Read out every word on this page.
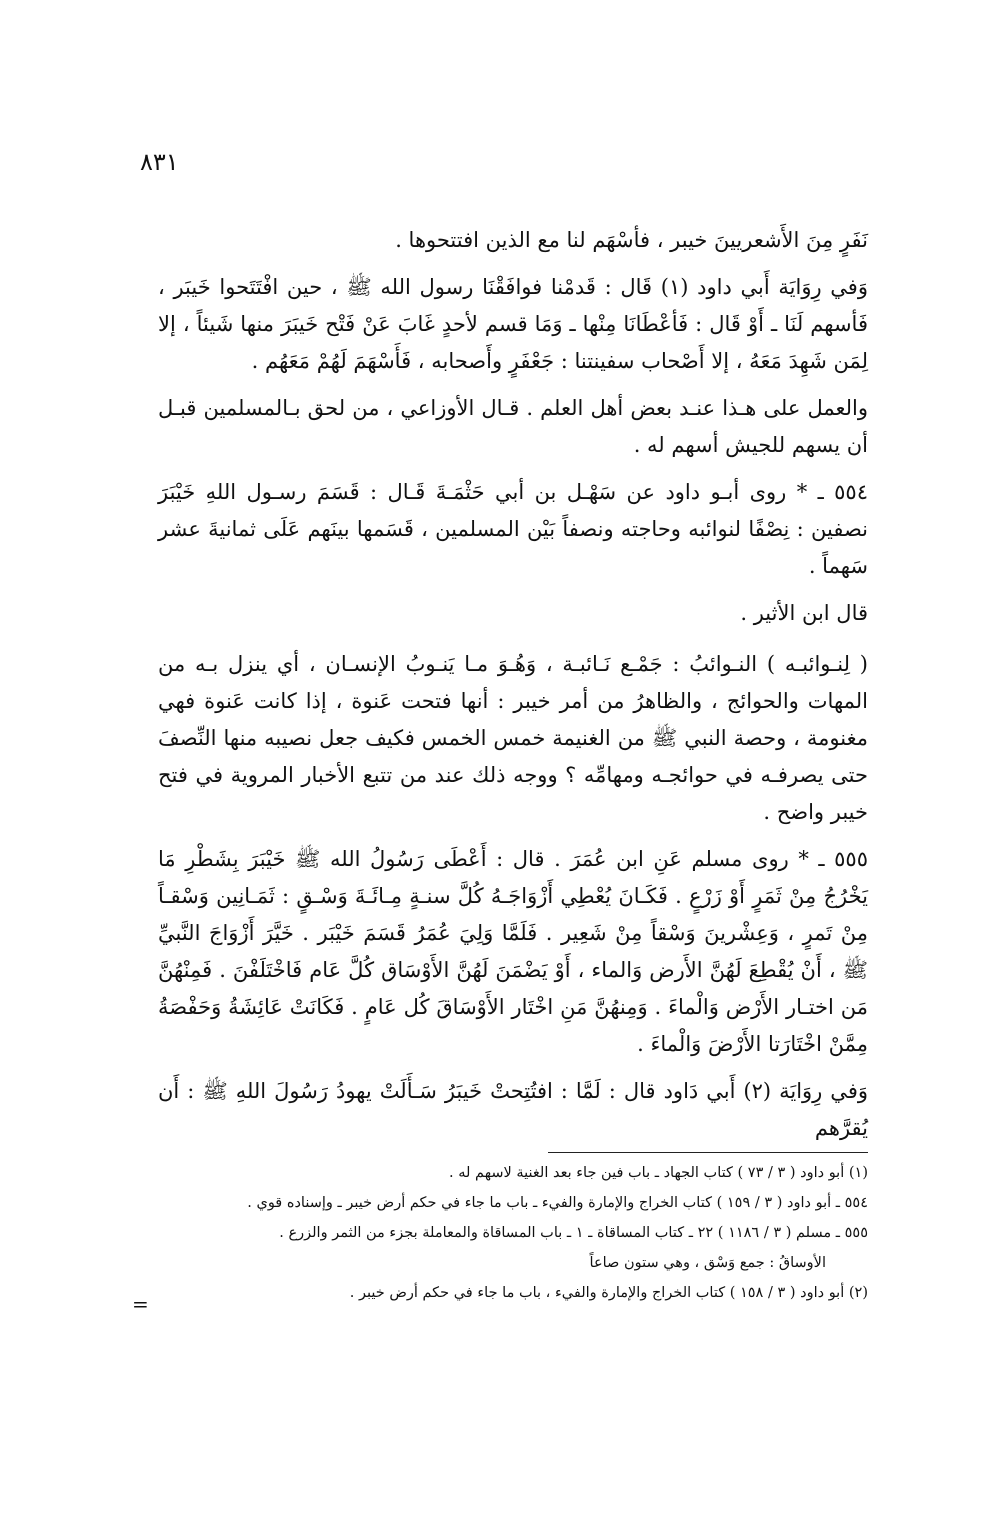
٨٣١

نَفَرٍ مِنَ الأَشعريينَ خيبر ، فأسْهَم لنا مع الذين افتتحوها .

وَفي رِوَايَة أَبي داود (١) قَال : قَدمْنا فوافَقْنَا رسول الله ﷺ ، حين افْتَتَحوا خَيبَر ، فَأسهم لَنَا ـ أَوْ قَال : فَأعْطَانَا مِنْها ـ وَمَا قسم لأحدٍ غَابَ عَنْ فَتْح خَيبَرَ منها شَيئاً ، إلا لِمَن شَهِدَ مَعَهُ ، إلا أَصْحاب سفينتنا : جَعْفَرٍ وأَصحابه ، فَأَسْهَمَ لَهُمْ مَعَهُم .

والعمل على هـذا عنـد بعض أهل العلم . قـال الأوزاعي ، من لحق بـالمسلمين قبـل أن يسهم للجيش أسهم له .

٥٥٤ ـ * روى أبـو داود عن سَهْـل بن أبي حَثْمَـةَ قَـال : قَسَمَ رسـول اللهِ خَيْبَرَ نصفين : نِصْفًا لنوائبه وحاجته ونصفاً بَيْن المسلمين ، قَسَمها بينَهم عَلَى ثمانيةَ عشر سَهماً .

قال ابن الأثير .

( لِنـوائبـه ) النـوائبُ : جَمْـع نَـائبـة ، وَهُـوَ مـا يَنـوبُ الإنسـان ، أي ينزل بـه من المهات والحوائج ، والظاهرُ من أمر خيبر : أنها فتحت عَنوة ، إذا كانت عَنوة فهي مغنومة ، وحصة النبي ﷺ من الغنيمة خمس الخمس فكيف جعل نصيبه منها النِّصفَ حتى يصرفـه في حوائجـه ومهامِّه ؟ ووجه ذلك عند من تتبع الأخبار المروية في فتح خيبر واضح .

٥٥٥ ـ * روى مسلم عَنِ ابن عُمَرَ . قال : أَعْطَى رَسُولُ الله ﷺ خَيْبَرَ بِشَطْرِ مَا يَخْرُجُ مِنْ ثَمَرٍ أَوْ زَرْعٍ . فَكَـانَ يُعْطِي أَزْوَاجَـهُ كُلَّ سنـةٍ مِـائَـةَ وَسْـقٍ : ثَمَـانِين وَسْقـاً مِنْ تَمرٍ ، وَعِشْرينَ وَسْقاً مِنْ شَعِير . فَلَمَّا وَلِيَ عُمَرُ قَسَمَ خَيْبَر . خَيَّرَ أَزْوَاجَ النَّبيِّ ﷺ ، أَنْ يُقْطِعَ لَهُنَّ الأَرض وَالماء ، أَوْ يَضْمَنَ لَهُنَّ الأَوْسَاق كُلَّ عَام فَاخْتَلَفْنَ . فَمِنْهُنَّ مَن اختـار الأَرْض وَالْماءَ . وَمِنهُنَّ مَنِ اخْتَار الأَوْسَاقَ كُل عَامٍ . فَكَانَتْ عَائِشَةُ وَحَفْصَةُ مِمَّنْ اخْتَارَتا الأَرْضَ وَالْماءَ .

وَفي رِوَايَة (٢) أَبي دَاود قال : لَمَّا : افتُتِحتْ خَيبَرُ سَـأَلَتْ يهودُ رَسُولَ اللهِ ﷺ : أَن يُقرَّهم

(١) أبو داود ( ٣ / ٧٣ ) كتاب الجهاد ـ باب فين جاء بعد الغنية لاسهم له .

٥٥٤ ـ أبو داود ( ٣ / ١٥٩ ) كتاب الخراج والإمارة والفيء ـ باب ما جاء في حكم أرض خيبر ـ وإسناده قوي .

٥٥٥ ـ مسلم ( ٣ / ١١٨٦ ) ٢٢ ـ كتاب المساقاة ـ ١ ـ باب المساقاة والمعاملة بجزء من الثمر والزرع .

الأوساقُ : جمع وَسْق ، وهي ستون صاعاً

(٢) أبو داود ( ٣ / ١٥٨ ) كتاب الخراج والإمارة والفيء ، باب ما جاء في حكم أرض خيبر .

=
